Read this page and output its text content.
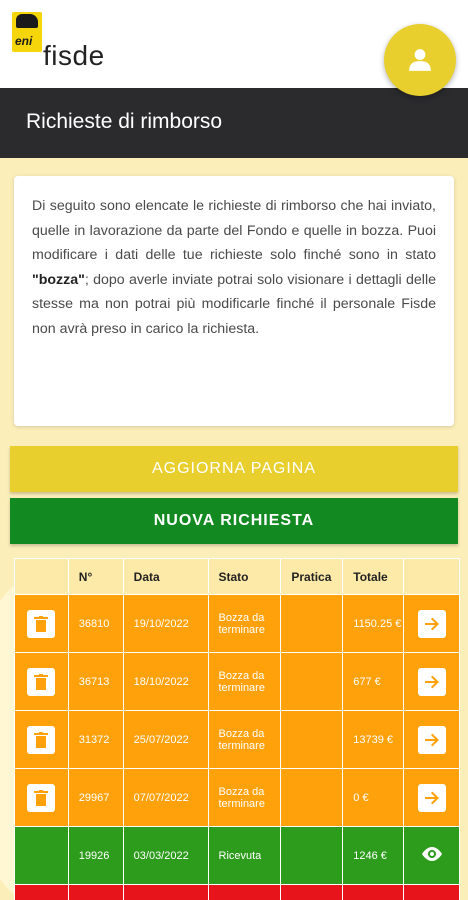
eni fisde
Richieste di rimborso

Di seguito sono elencate le richieste di rimborso che hai inviato, quelle in lavorazione da parte del Fondo e quelle in bozza. Puoi modificare i dati delle tue richieste solo finché sono in stato "bozza"; dopo averle inviate potrai solo visionare i dettagli delle stesse ma non potrai più modificarle finché il personale Fisde non avrà preso in carico la richiesta.

AGGIORNA PAGINA
NUOVA RICHIESTA
	N°	Data	Stato	Pratica	Totale	

	36810	19/10/2022	Bozza da terminare		1150.25 €	

	36713	18/10/2022	Bozza da terminare		677 €	

	31372	25/07/2022	Bozza da terminare		13739 €	

	29967	07/07/2022	Bozza da terminare		0 €	

	19926	03/03/2022	Ricevuta		1246 €	
